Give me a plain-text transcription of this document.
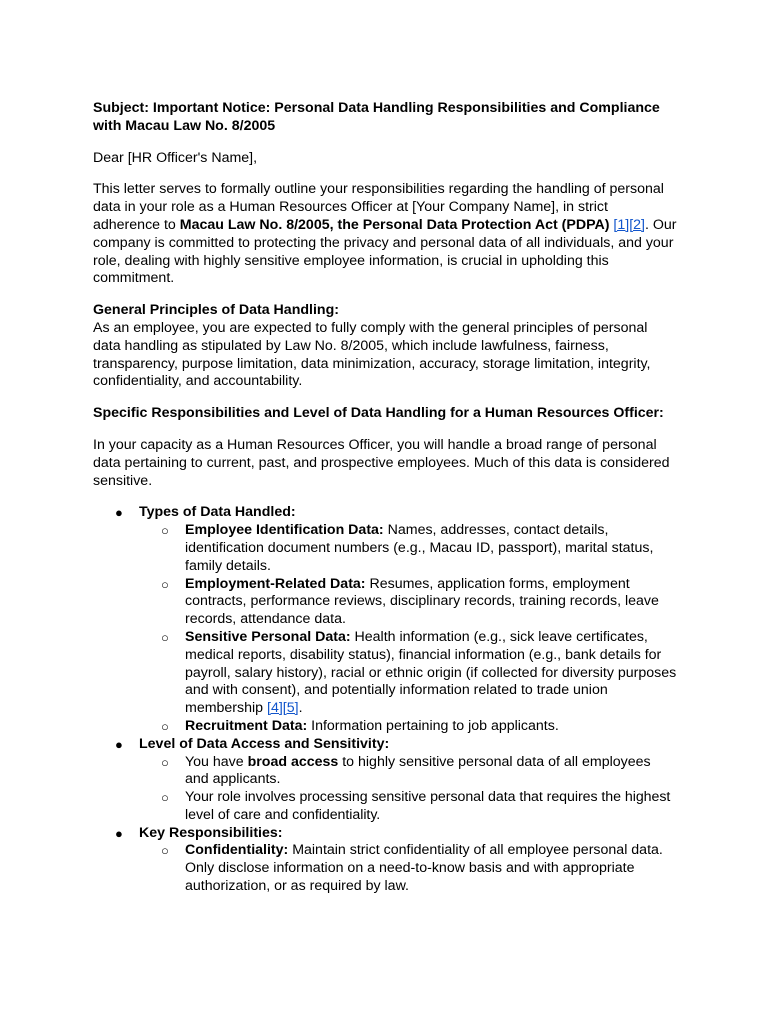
Subject: Important Notice: Personal Data Handling Responsibilities and Compliance with Macau Law No. 8/2005

Dear [HR Officer's Name],

This letter serves to formally outline your responsibilities regarding the handling of personal data in your role as a Human Resources Officer at [Your Company Name], in strict adherence to Macau Law No. 8/2005, the Personal Data Protection Act (PDPA) [1][2]. Our company is committed to protecting the privacy and personal data of all individuals, and your role, dealing with highly sensitive employee information, is crucial in upholding this commitment.

General Principles of Data Handling:

As an employee, you are expected to fully comply with the general principles of personal data handling as stipulated by Law No. 8/2005, which include lawfulness, fairness, transparency, purpose limitation, data minimization, accuracy, storage limitation, integrity, confidentiality, and accountability.

Specific Responsibilities and Level of Data Handling for a Human Resources Officer:

In your capacity as a Human Resources Officer, you will handle a broad range of personal data pertaining to current, past, and prospective employees. Much of this data is considered sensitive.

● Types of Data Handled:
○ Employee Identification Data: Names, addresses, contact details, identification document numbers (e.g., Macau ID, passport), marital status, family details.
○ Employment-Related Data: Resumes, application forms, employment contracts, performance reviews, disciplinary records, training records, leave records, attendance data.
○ Sensitive Personal Data: Health information (e.g., sick leave certificates, medical reports, disability status), financial information (e.g., bank details for payroll, salary history), racial or ethnic origin (if collected for diversity purposes and with consent), and potentially information related to trade union membership [4][5].
○ Recruitment Data: Information pertaining to job applicants.
● Level of Data Access and Sensitivity:
○ You have broad access to highly sensitive personal data of all employees and applicants.
○ Your role involves processing sensitive personal data that requires the highest level of care and confidentiality.
● Key Responsibilities:
○ Confidentiality: Maintain strict confidentiality of all employee personal data. Only disclose information on a need-to-know basis and with appropriate authorization, or as required by law.
